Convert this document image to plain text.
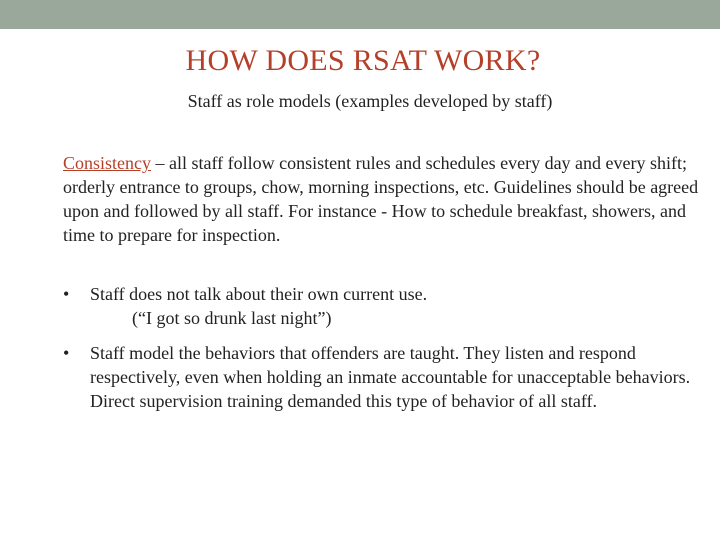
HOW DOES RSAT WORK?
Staff as role models (examples developed by staff)
Consistency – all staff follow consistent rules and schedules every day and every shift; orderly entrance to groups, chow, morning inspections, etc. Guidelines should be agreed upon and followed by all staff. For instance - How to schedule breakfast, showers, and time to prepare for inspection.
•	Staff does not talk about their own current use.
(“I got so drunk last night”)
•	Staff model the behaviors that offenders are taught. They listen and respond respectively, even when holding an inmate accountable for unacceptable behaviors. Direct supervision training demanded this type of behavior of all staff.
